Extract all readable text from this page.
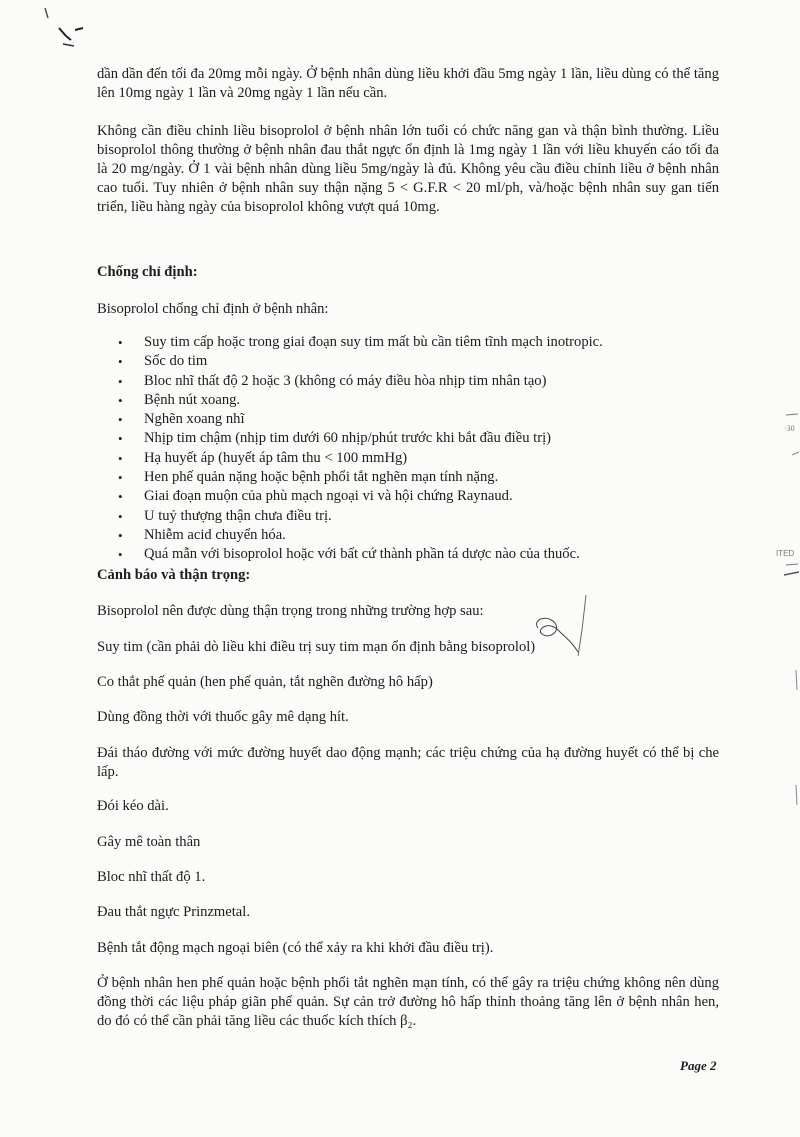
·30
ITED

dần dần đến tối đa 20mg mỗi ngày. Ở bệnh nhân dùng liều khởi đầu 5mg ngày 1 lần, liều dùng có thể tăng lên 10mg ngày 1 lần và 20mg ngày 1 lần nếu cần.

Không cần điều chỉnh liều bisoprolol ở bệnh nhân lớn tuổi có chức năng gan và thận bình thường. Liều bisoprolol thông thường ở bệnh nhân đau thắt ngực ổn định là 1mg ngày 1 lần với liều khuyến cáo tối đa là 20 mg/ngày. Ở 1 vài bệnh nhân dùng liều 5mg/ngày là đủ. Không yêu cầu điều chỉnh liều ở bệnh nhân cao tuổi. Tuy nhiên ở bệnh nhân suy thận nặng 5 < G.F.R < 20 ml/ph, và/hoặc bệnh nhân suy gan tiến triển, liều hàng ngày của bisoprolol không vượt quá 10mg.

Chống chỉ định:

Bisoprolol chống chỉ định ở bệnh nhân:

• Suy tim cấp hoặc trong giai đoạn suy tim mất bù cần tiêm tĩnh mạch inotropic.
• Sốc do tim
• Bloc nhĩ thất độ 2 hoặc 3 (không có máy điều hòa nhịp tim nhân tạo)
• Bệnh nút xoang.
• Nghẽn xoang nhĩ
• Nhịp tim chậm (nhịp tim dưới 60 nhịp/phút trước khi bắt đầu điều trị)
• Hạ huyết áp (huyết áp tâm thu < 100 mmHg)
• Hen phế quản nặng hoặc bệnh phổi tắt nghẽn mạn tính nặng.
• Giai đoạn muộn của phù mạch ngoại vi và hội chứng Raynaud.
• U tuỷ thượng thận chưa điều trị.
• Nhiễm acid chuyển hóa.
• Quá mẫn với bisoprolol hoặc với bất cứ thành phần tá dược nào của thuốc.

Cảnh báo và thận trọng:

Bisoprolol nên được dùng thận trọng trong những trường hợp sau:

Suy tim (cần phải dò liều khi điều trị suy tim mạn ổn định bằng bisoprolol)

Co thắt phế quản (hen phế quản, tắt nghẽn đường hô hấp)

Dùng đồng thời với thuốc gây mê dạng hít.

Đái tháo đường với mức đường huyết dao động mạnh; các triệu chứng của hạ đường huyết có thể bị che lấp.

Đói kéo dài.

Gây mê toàn thân

Bloc nhĩ thất độ 1.

Đau thắt ngực Prinzmetal.

Bệnh tắt động mạch ngoại biên (có thể xảy ra khi khởi đầu điều trị).

Ở bệnh nhân hen phế quản hoặc bệnh phổi tắt nghẽn mạn tính, có thể gây ra triệu chứng không nên dùng đồng thời các liệu pháp giãn phế quản. Sự cản trở đường hô hấp thỉnh thoảng tăng lên ở bệnh nhân hen, do đó có thể cần phải tăng liều các thuốc kích thích β₂.

Page 2
